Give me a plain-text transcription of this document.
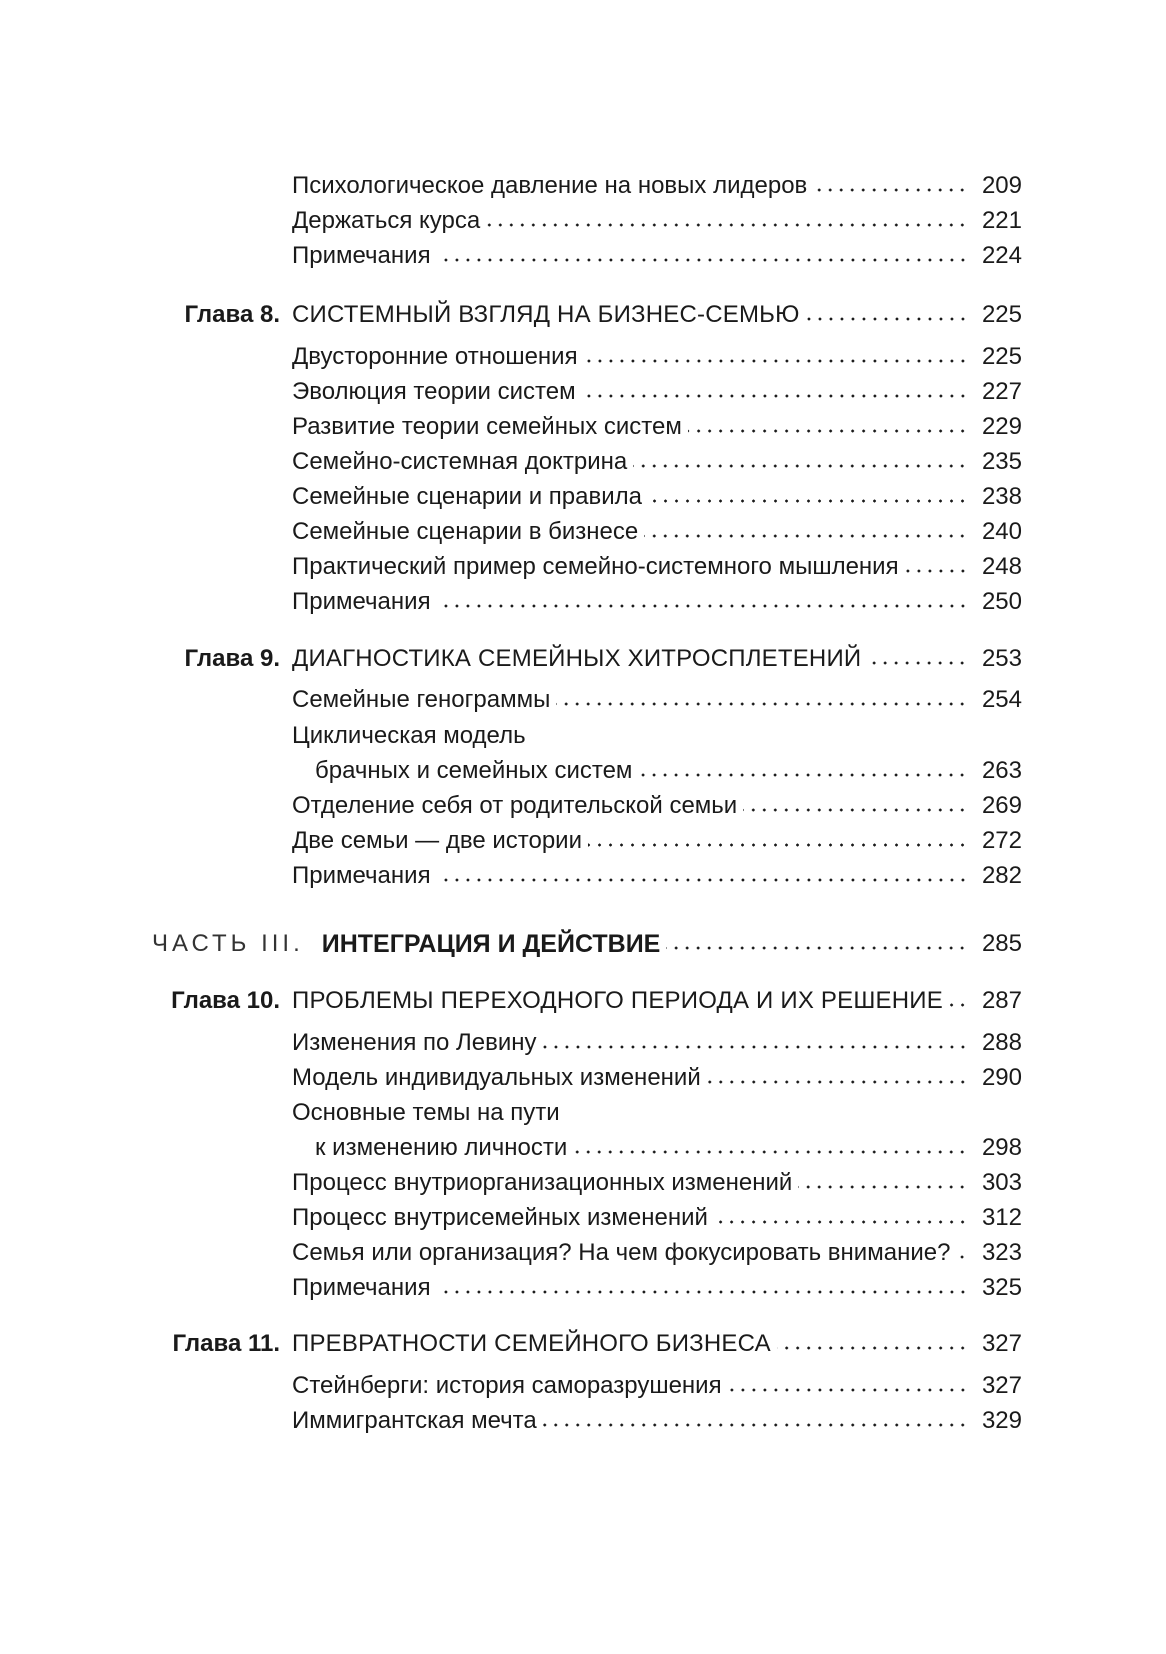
Психологическое давление на новых лидеров	209
Держаться курса	221
Примечания	224
Глава 8. СИСТЕМНЫЙ ВЗГЛЯД НА БИЗНЕС-СЕМЬЮ	225
Двусторонние отношения	225
Эволюция теории систем	227
Развитие теории семейных систем	229
Семейно-системная доктрина	235
Семейные сценарии и правила	238
Семейные сценарии в бизнесе	240
Практический пример семейно-системного мышления	248
Примечания	250
Глава 9. ДИАГНОСТИКА СЕМЕЙНЫХ ХИТРОСПЛЕТЕНИЙ	253
Семейные генограммы	254
Циклическая модель
брачных и семейных систем	263
Отделение себя от родительской семьи	269
Две семьи — две истории	272
Примечания	282
ЧАСТЬ III. ИНТЕГРАЦИЯ И ДЕЙСТВИЕ	285
Глава 10. ПРОБЛЕМЫ ПЕРЕХОДНОГО ПЕРИОДА И ИХ РЕШЕНИЕ	287
Изменения по Левину	288
Модель индивидуальных изменений	290
Основные темы на пути
к изменению личности	298
Процесс внутриорганизационных изменений	303
Процесс внутрисемейных изменений	312
Семья или организация? На чем фокусировать внимание?	323
Примечания	325
Глава 11. ПРЕВРАТНОСТИ СЕМЕЙНОГО БИЗНЕСА	327
Стейнберги: история саморазрушения	327
Иммигрантская мечта	329
